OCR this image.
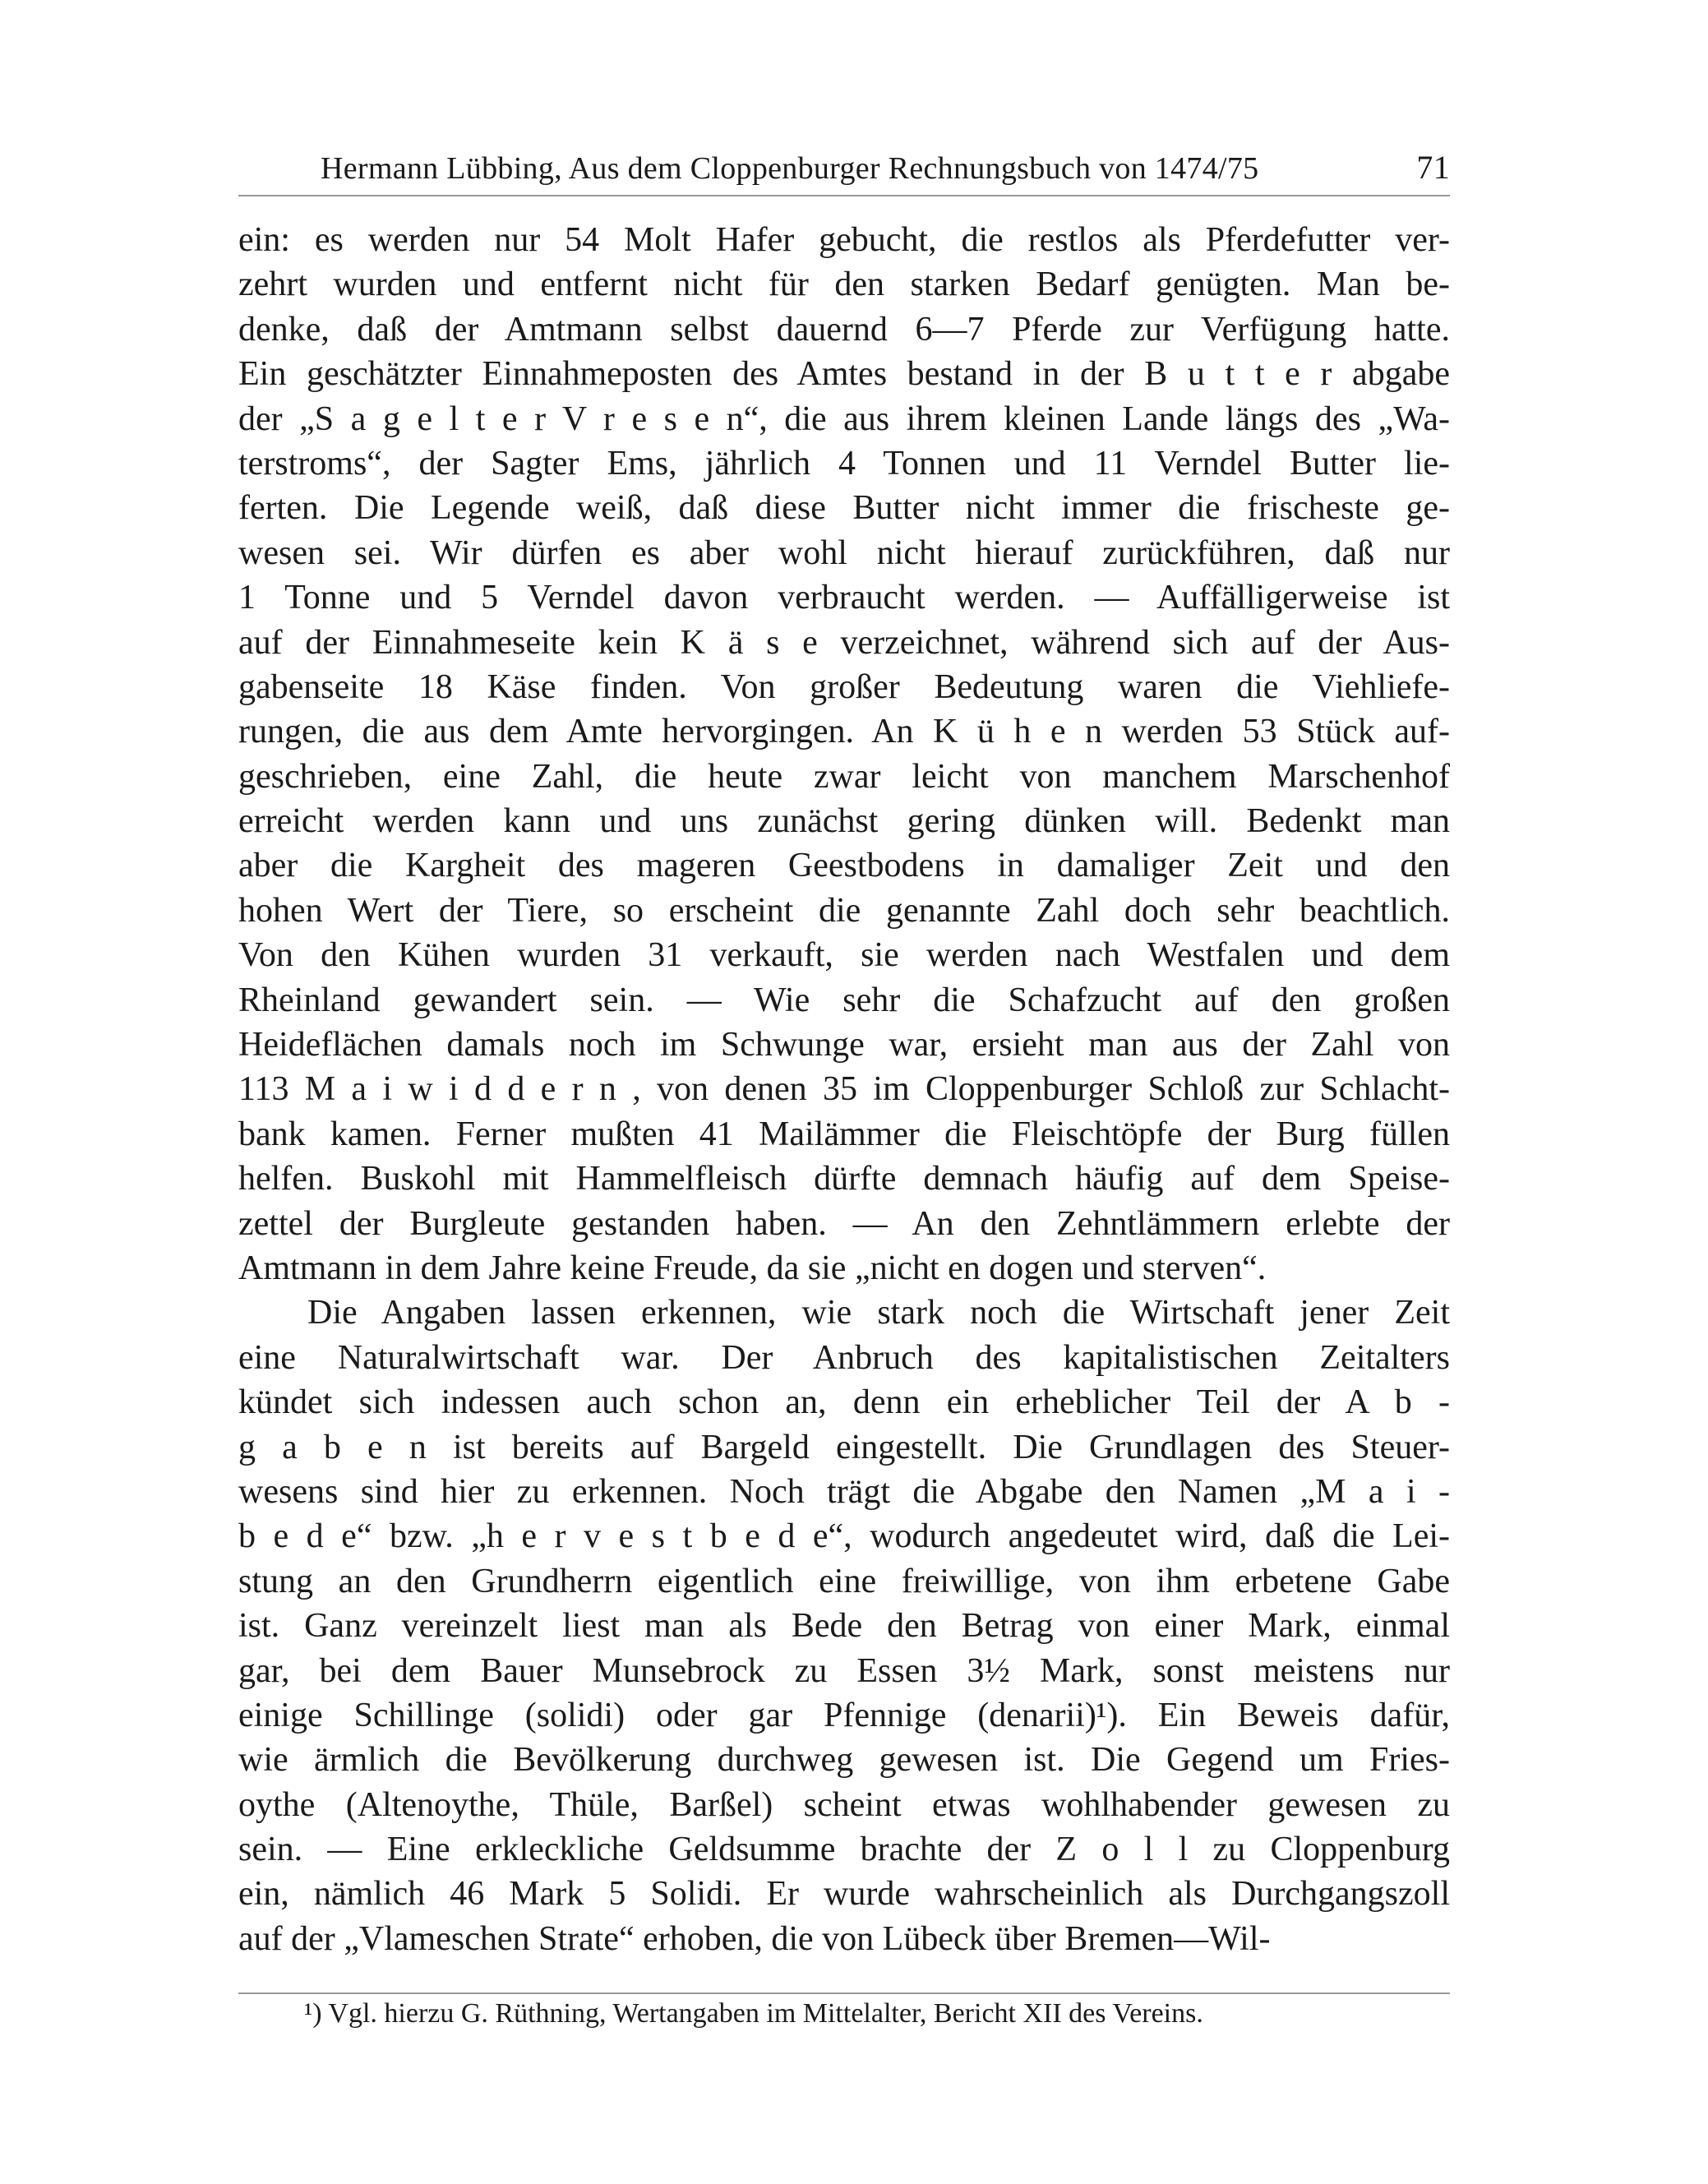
Hermann Lübbing, Aus dem Cloppenburger Rechnungsbuch von 1474/75	71
ein: es werden nur 54 Molt Hafer gebucht, die restlos als Pferdefutter ver-
zehrt wurden und entfernt nicht für den starken Bedarf genügten. Man be-
denke, daß der Amtmann selbst dauernd 6—7 Pferde zur Verfügung hatte.
Ein geschätzter Einnahmeposten des Amtes bestand in der B u t t e r abgabe
der „S a g e l t e r V r e s e n“, die aus ihrem kleinen Lande längs des „Wa-
terstroms“, der Sagter Ems, jährlich 4 Tonnen und 11 Verndel Butter lie-
ferten. Die Legende weiß, daß diese Butter nicht immer die frischeste ge-
wesen sei. Wir dürfen es aber wohl nicht hierauf zurückführen, daß nur
1 Tonne und 5 Verndel davon verbraucht werden. — Auffälligerweise ist
auf der Einnahmeseite kein K ä s e verzeichnet, während sich auf der Aus-
gabenseite 18 Käse finden. Von großer Bedeutung waren die Viehliefe-
rungen, die aus dem Amte hervorgingen. An K ü h e n werden 53 Stück auf-
geschrieben, eine Zahl, die heute zwar leicht von manchem Marschenhof
erreicht werden kann und uns zunächst gering dünken will. Bedenkt man
aber die Kargheit des mageren Geestbodens in damaliger Zeit und den
hohen Wert der Tiere, so erscheint die genannte Zahl doch sehr beachtlich.
Von den Kühen wurden 31 verkauft, sie werden nach Westfalen und dem
Rheinland gewandert sein. — Wie sehr die Schafzucht auf den großen
Heideflächen damals noch im Schwunge war, ersieht man aus der Zahl von
113 M a i w i d d e r n , von denen 35 im Cloppenburger Schloß zur Schlacht-
bank kamen. Ferner mußten 41 Mailämmer die Fleischtöpfe der Burg füllen
helfen. Buskohl mit Hammelfleisch dürfte demnach häufig auf dem Speise-
zettel der Burgleute gestanden haben. — An den Zehntlämmern erlebte der
Amtmann in dem Jahre keine Freude, da sie „nicht en dogen und sterven“.
Die Angaben lassen erkennen, wie stark noch die Wirtschaft jener Zeit
eine Naturalwirtschaft war. Der Anbruch des kapitalistischen Zeitalters
kündet sich indessen auch schon an, denn ein erheblicher Teil der A b -
g a b e n ist bereits auf Bargeld eingestellt. Die Grundlagen des Steuer-
wesens sind hier zu erkennen. Noch trägt die Abgabe den Namen „M a i -
b e d e“ bzw. „h e r v e s t b e d e“, wodurch angedeutet wird, daß die Lei-
stung an den Grundherrn eigentlich eine freiwillige, von ihm erbetene Gabe
ist. Ganz vereinzelt liest man als Bede den Betrag von einer Mark, einmal
gar, bei dem Bauer Munsebrock zu Essen 3½ Mark, sonst meistens nur
einige Schillinge (solidi) oder gar Pfennige (denarii)¹). Ein Beweis dafür,
wie ärmlich die Bevölkerung durchweg gewesen ist. Die Gegend um Fries-
oythe (Altenoythe, Thüle, Barßel) scheint etwas wohlhabender gewesen zu
sein. — Eine erkleckliche Geldsumme brachte der Z o l l zu Cloppenburg
ein, nämlich 46 Mark 5 Solidi. Er wurde wahrscheinlich als Durchgangszoll
auf der „Vlameschen Strate“ erhoben, die von Lübeck über Bremen—Wil-
¹) Vgl. hierzu G. Rüthning, Wertangaben im Mittelalter, Bericht XII des Vereins.
